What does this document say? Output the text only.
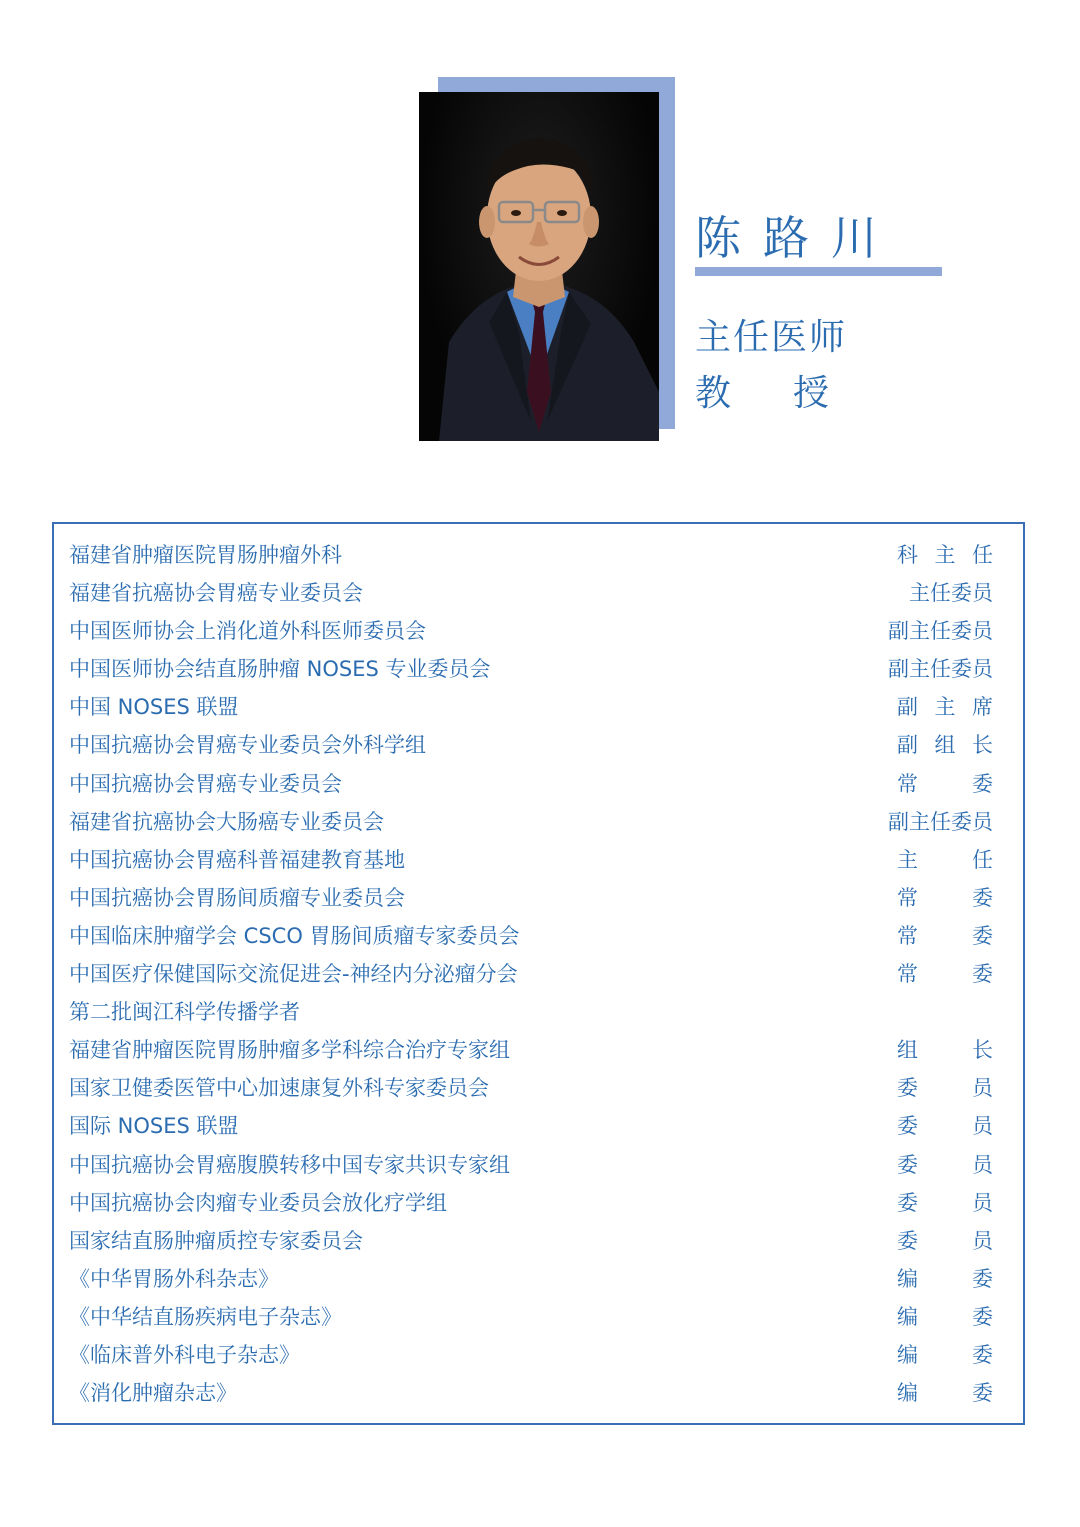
陈路川
主任医师
教 授
福建省肿瘤医院胃肠肿瘤外科	科 主 任
福建省抗癌协会胃癌专业委员会	主任委员
中国医师协会上消化道外科医师委员会	副主任委员
中国医师协会结直肠肿瘤 NOSES 专业委员会	副主任委员
中国 NOSES 联盟	副 主 席
中国抗癌协会胃癌专业委员会外科学组	副 组 长
中国抗癌协会胃癌专业委员会	常	委
福建省抗癌协会大肠癌专业委员会	副主任委员
中国抗癌协会胃癌科普福建教育基地	主	任
中国抗癌协会胃肠间质瘤专业委员会	常	委
中国临床肿瘤学会 CSCO 胃肠间质瘤专家委员会	常	委
中国医疗保健国际交流促进会-神经内分泌瘤分会	常	委
第二批闽江科学传播学者
福建省肿瘤医院胃肠肿瘤多学科综合治疗专家组	组	长
国家卫健委医管中心加速康复外科专家委员会	委	员
国际 NOSES 联盟	委	员
中国抗癌协会胃癌腹膜转移中国专家共识专家组	委	员
中国抗癌协会肉瘤专业委员会放化疗学组	委	员
国家结直肠肿瘤质控专家委员会	委	员
《中华胃肠外科杂志》	编	委
《中华结直肠疾病电子杂志》	编	委
《临床普外科电子杂志》	编	委
《消化肿瘤杂志》	编	委
